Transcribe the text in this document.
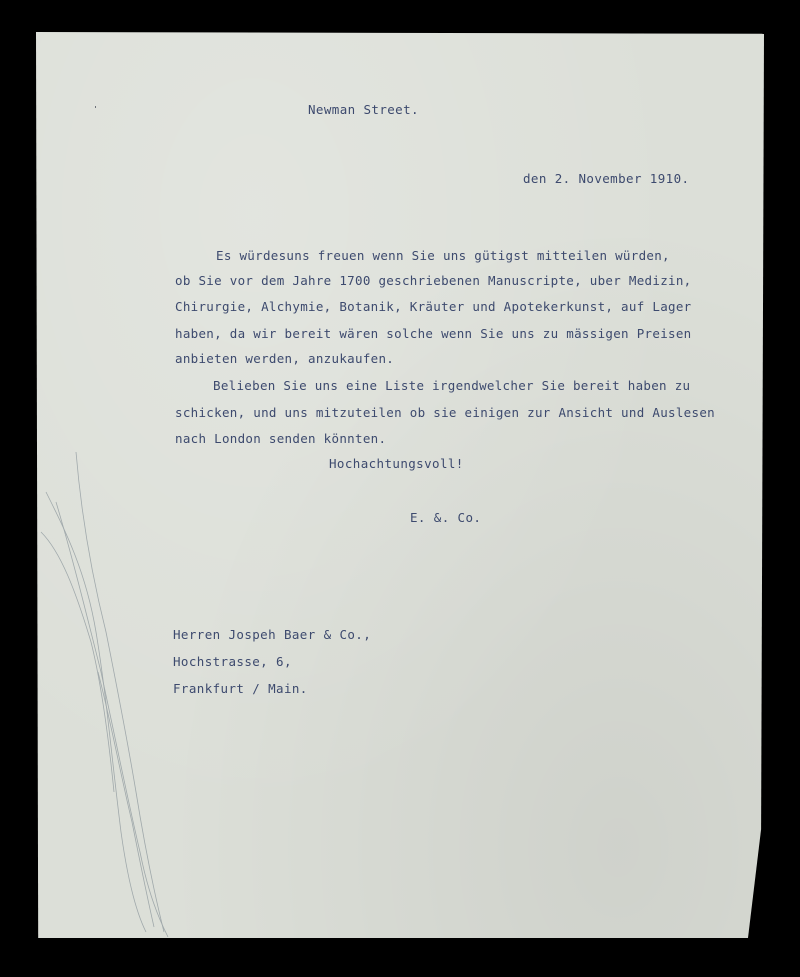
Newman Street.
den 2. November 1910.
Es würdesuns freuen wenn Sie uns gütigst mitteilen würden,
ob Sie vor dem Jahre 1700 geschriebenen Manuscripte, uber Medizin,
Chirurgie, Alchymie, Botanik, Kräuter und Apotekerkunst, auf Lager
haben, da wir bereit wären solche wenn Sie uns zu mässigen Preisen
anbieten werden, anzukaufen.
Belieben Sie uns eine Liste irgendwelcher Sie bereit haben zu
schicken, und uns mitzuteilen ob sie einigen zur Ansicht und Auslesen
nach London senden könnten.
Hochachtungsvoll!
E. &. Co.
Herren Jospeh Baer & Co.,
Hochstrasse, 6,
Frankfurt / Main.
